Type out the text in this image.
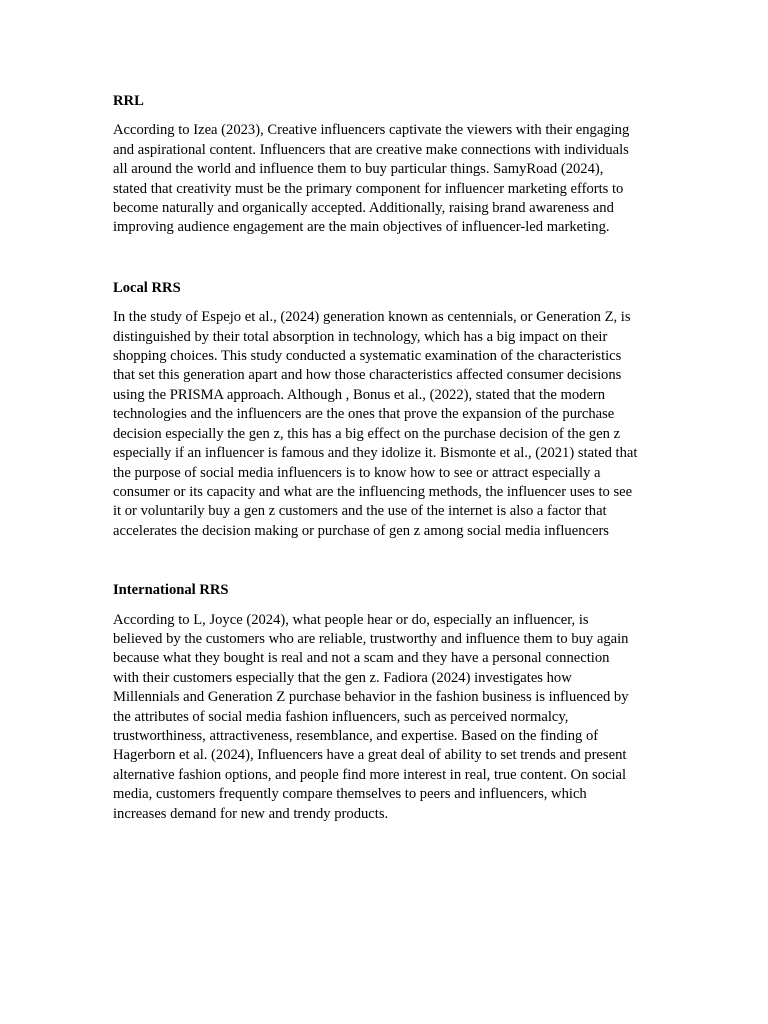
RRL

According to Izea (2023), Creative influencers captivate the viewers with their engaging
and aspirational content. Influencers that are creative make connections with individuals
all around the world and influence them to buy particular things. SamyRoad (2024),
stated that creativity must be the primary component for influencer marketing efforts to
become naturally and organically accepted. Additionally, raising brand awareness and
improving audience engagement are the main objectives of influencer-led marketing.

Local RRS

In the study of Espejo et al., (2024) generation known as centennials, or Generation Z, is
distinguished by their total absorption in technology, which has a big impact on their
shopping choices. This study conducted a systematic examination of the characteristics
that set this generation apart and how those characteristics affected consumer decisions
using the PRISMA approach. Although , Bonus et al., (2022), stated that the modern
technologies and the influencers are the ones that prove the expansion of the purchase
decision especially the gen z, this has a big effect on the purchase decision of the gen z
especially if an influencer is famous and they idolize it. Bismonte et al., (2021) stated that
the purpose of social media influencers is to know how to see or attract especially a
consumer or its capacity and what are the influencing methods, the influencer uses to see
it or voluntarily buy a gen z customers and the use of the internet is also a factor that
accelerates the decision making or purchase of gen z among social media influencers

International RRS

According to L, Joyce (2024), what people hear or do, especially an influencer, is
believed by the customers who are reliable, trustworthy and influence them to buy again
because what they bought is real and not a scam and they have a personal connection
with their customers especially that the gen z. Fadiora (2024) investigates how
Millennials and Generation Z purchase behavior in the fashion business is influenced by
the attributes of social media fashion influencers, such as perceived normalcy,
trustworthiness, attractiveness, resemblance, and expertise. Based on the finding of
Hagerborn et al. (2024), Influencers have a great deal of ability to set trends and present
alternative fashion options, and people find more interest in real, true content. On social
media, customers frequently compare themselves to peers and influencers, which
increases demand for new and trendy products.
